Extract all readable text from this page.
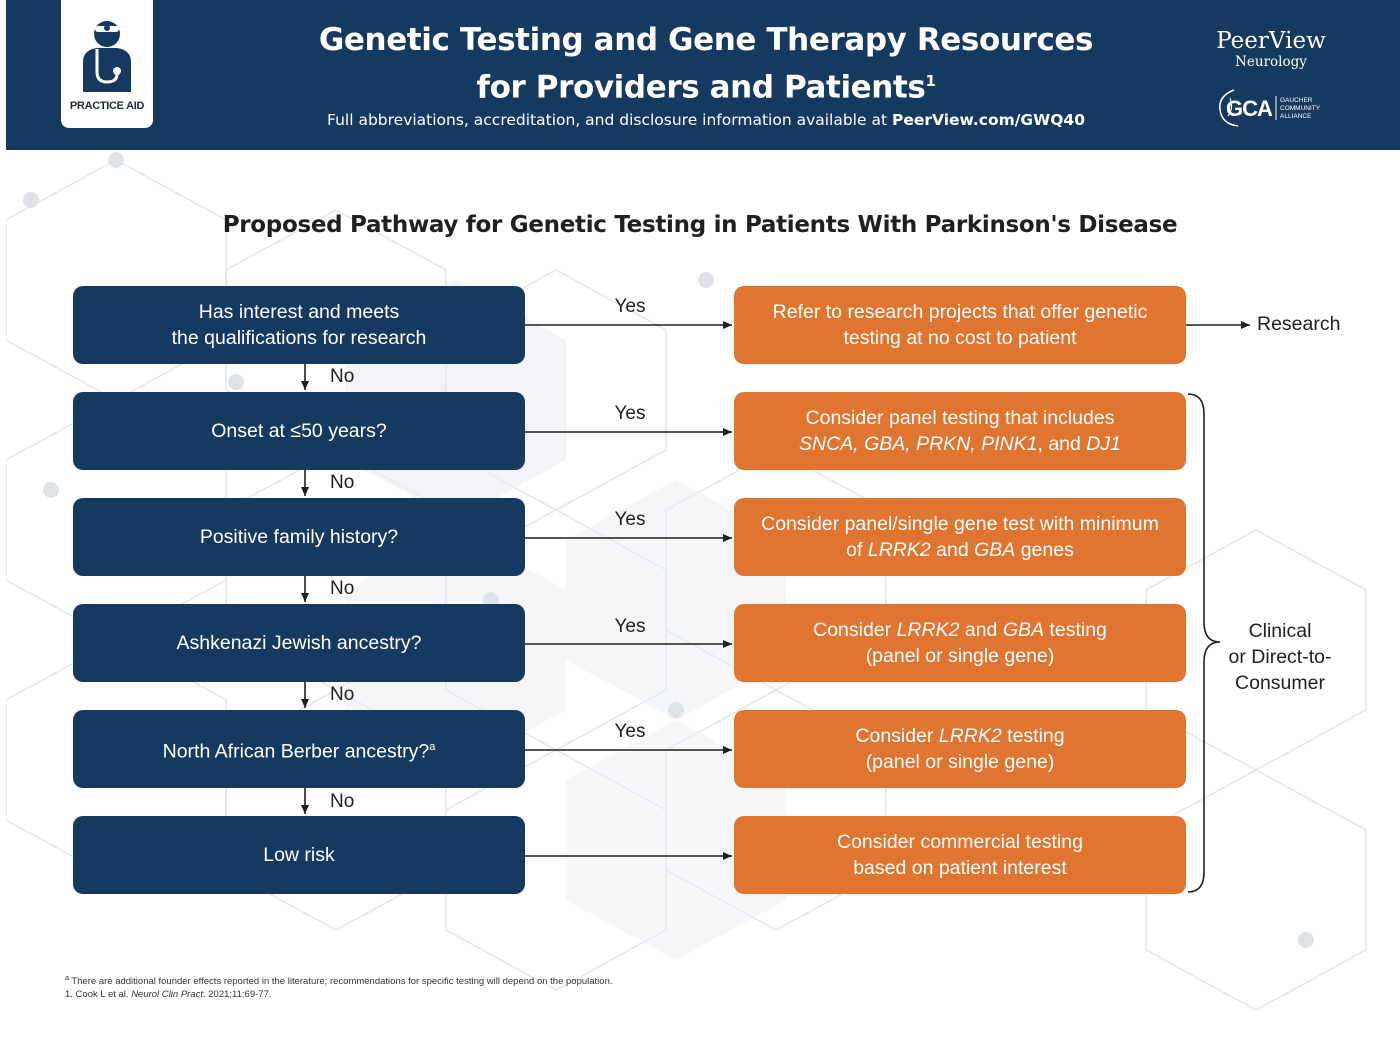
PRACTICE AID
Genetic Testing and Gene Therapy Resources
for Providers and Patients$^1$
Full abbreviations, accreditation, and disclosure information available at PeerView.com/GWQ40
PeerView
Neurology
GCA GAUCHER
COMMUNITY
ALLIANCE
Proposed Pathway for Genetic Testing in Patients With Parkinson's Disease
Has interest and meets
the qualifications for research
Onset at ≤50 years?
Positive family history?
Ashkenazi Jewish ancestry?
North African Berber ancestry?$^a$
Low risk
Yes
Yes
Yes
Yes
Yes
No
No
No
No
No
Refer to research projects that offer genetic
testing at no cost to patient
Consider panel testing that includes
SNCA, GBA, PRKN, PINK1, and DJ1
Consider panel/single gene test with minimum
of LRRK2 and GBA genes
Consider LRRK2 and GBA testing
(panel or single gene)
Consider LRRK2 testing
(panel or single gene)
Consider commercial testing
based on patient interest
Research
Clinical
or Direct-to-
Consumer
$^a$ There are additional founder effects reported in the literature; recommendations for specific testing will depend on the population.
1. Cook L et al. Neurol Clin Pract. 2021;11:69-77.
